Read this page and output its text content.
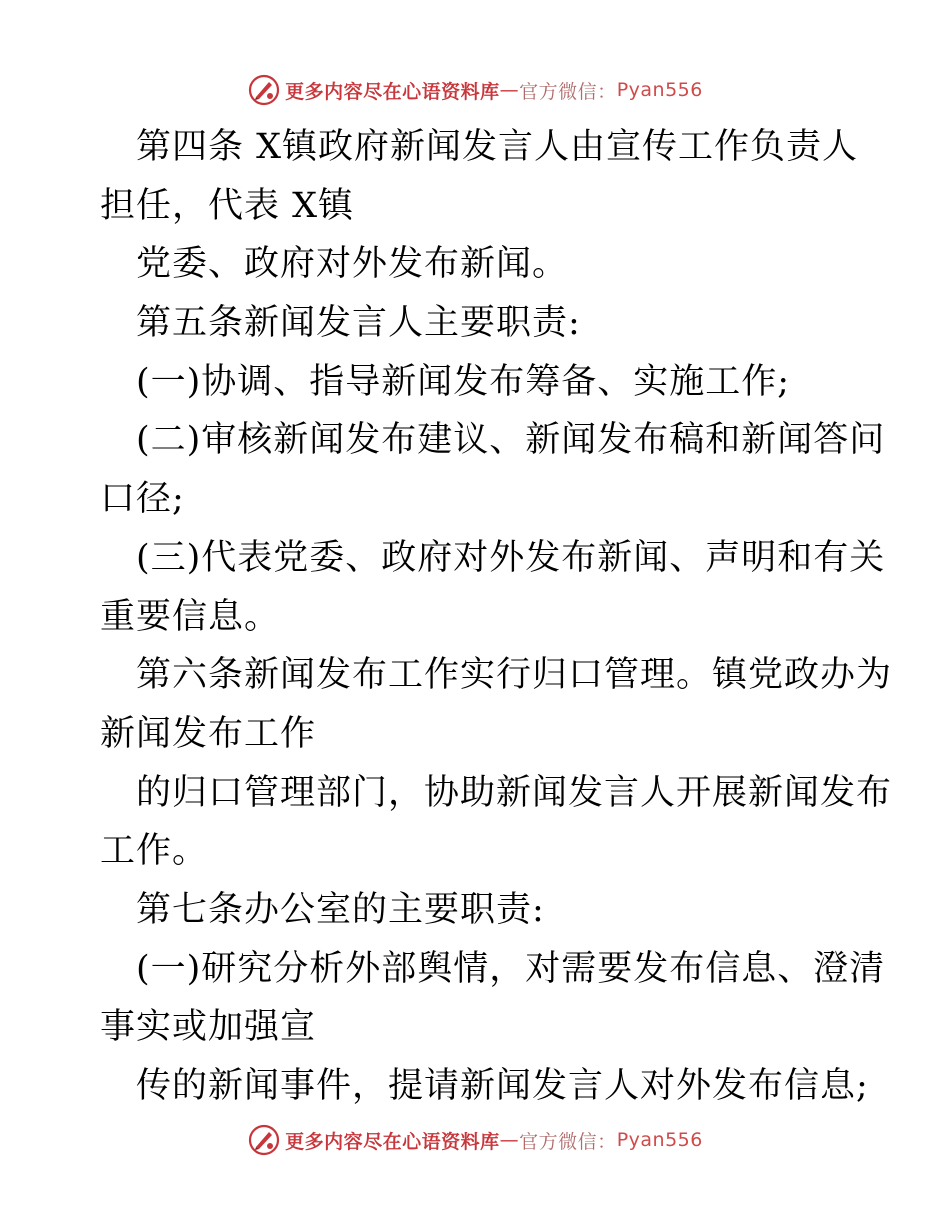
更多内容尽在心语资料库 — 官方微信： Pyan556
第四条 X镇政府新闻发言人由宣传工作负责人
担任，代表 X镇
党委、政府对外发布新闻。
第五条新闻发言人主要职责:
(一)协调、指导新闻发布筹备、实施工作;
(二)审核新闻发布建议、新闻发布稿和新闻答问
口径;
(三)代表党委、政府对外发布新闻、声明和有关
重要信息。
第六条新闻发布工作实行归口管理。镇党政办为
新闻发布工作
的归口管理部门，协助新闻发言人开展新闻发布
工作。
第七条办公室的主要职责:
(一)研究分析外部舆情，对需要发布信息、澄清
事实或加强宣
传的新闻事件，提请新闻发言人对外发布信息;
更多内容尽在心语资料库 — 官方微信： Pyan556
